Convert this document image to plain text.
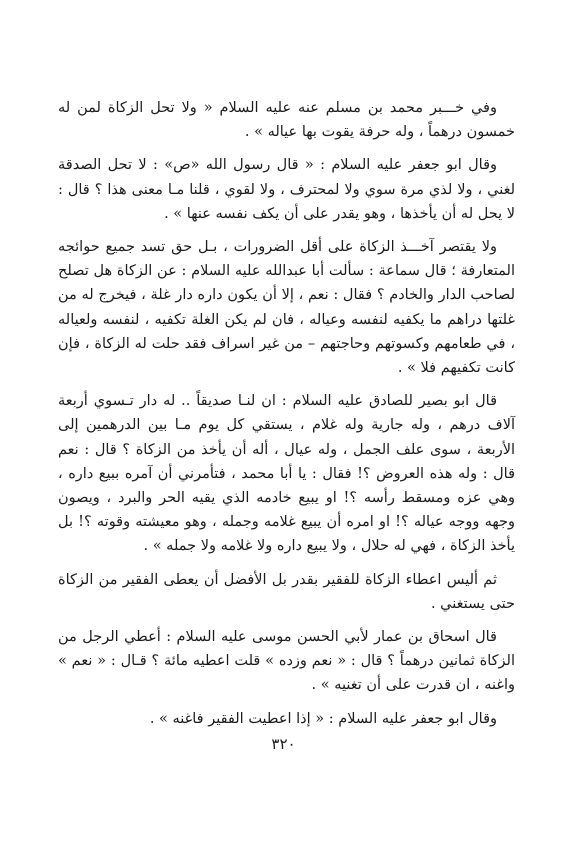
وفي خـــبر محمد بن مسلم عنه عليه السلام « ولا تحل الزكاة لمن له خمسون درهماً ، وله حرفة يقوت بها عياله » .

وقال ابو جعفر عليه السلام : « قال رسول الله «ص» : لا تحل الصدقة لغني ، ولا لذي مرة سوي ولا لمحترف ، ولا لقوي ، قلنا مـا معنى هذا ؟ قال : لا يحل له أن يأخذها ، وهو يقدر على أن يكف نفسه عنها » .

ولا يقتصر آخـــذ الزكاة على أقل الضرورات ، بـل حق تسد جميع حوائجه المتعارفة ؛ قال سماعة : سألت أبا عبدالله عليه السلام : عن الزكاة هل تصلح لصاحب الدار والخادم ؟ فقال : نعم ، إلا أن يكون داره دار غلة ، فيخرج له من غلتها دراهم ما يكفيه لنفسه وعياله ، فان لم يكن الغلة تكفيه ، لنفسه ولعياله ، في طعامهم وكسوتهم وحاجتهم – من غير اسراف فقد حلت له الزكاة ، فإن كانت تكفيهم فلا » .

قال ابو بصير للصادق عليه السلام : ان لنـا صديقاً .. له دار تـسوي أربعة آلاف درهم ، وله جارية وله غلام ، يستقي كل يوم مـا بين الدرهمين إلى الأربعة ، سوى علف الجمل ، وله عيال ، أله أن يأخذ من الزكاة ؟ قال : نعم قال : وله هذه العروض ؟! فقال : يا أبا محمد ، فتأمرني أن آمره ببيع داره ، وهي عزه ومسقط رأسه ؟! او يبيع خادمه الذي يقيه الحر والبرد ، ويصون وجهه ووجه عياله ؟! او امره أن يبيع غلامه وجمله ، وهو معيشته وقوته ؟! بل يأخذ الزكاة ، فهي له حلال ، ولا يبيع داره ولا غلامه ولا جمله » .

ثم أليس اعطاء الزكاة للفقير بقدر بل الأفضل أن يعطى الفقير من الزكاة حتى يستغني .

قال اسحاق بن عمار لأبي الحسن موسى عليه السلام : أعطي الرجل من الزكاة ثمانين درهماً ؟ قال : « نعم وزده » قلت اعطيه مائة ؟ قـال : « نعم » واغنه ، ان قدرت على أن تغنيه » .

وقال ابو جعفر عليه السلام : « إذا اعطيت الفقير فاغنه » .

٣٢٠
